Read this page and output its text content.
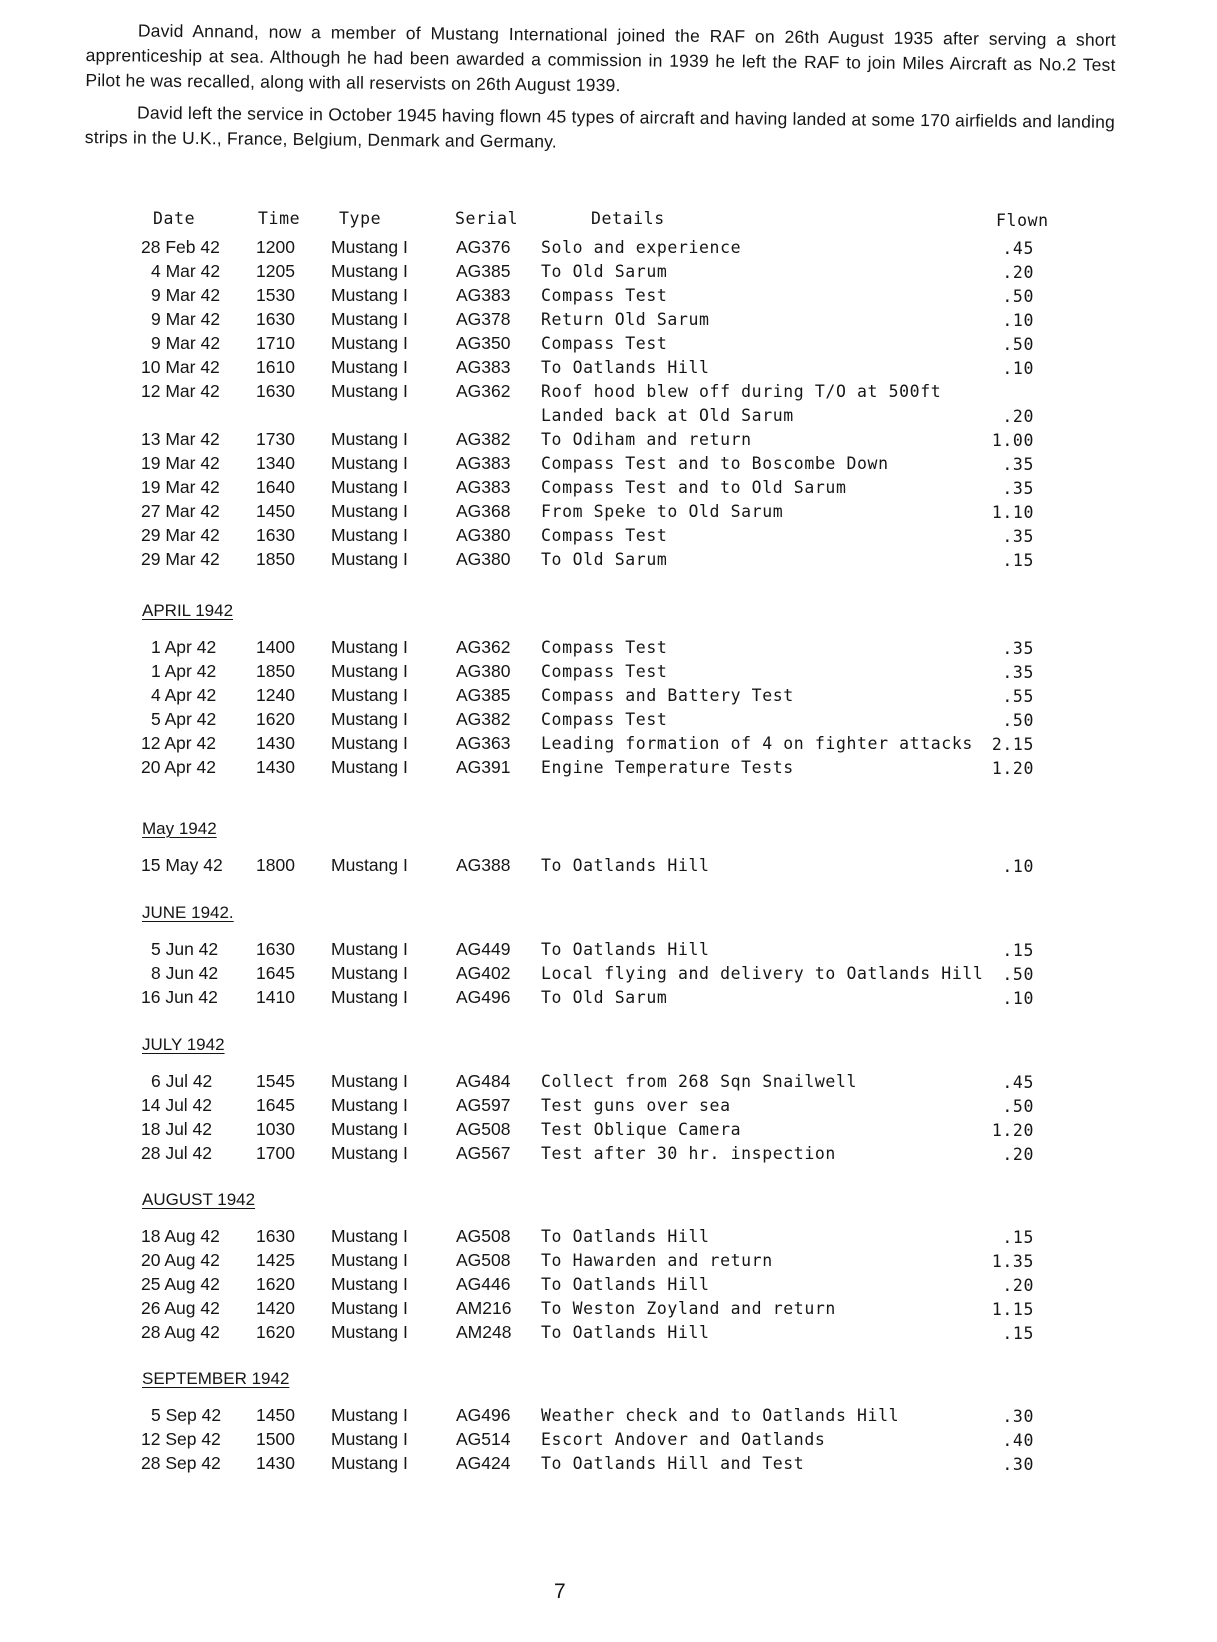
David Annand, now a member of Mustang International joined the RAF on 26th August 1935 after serving a short apprenticeship at sea. Although he had been awarded a commission in 1939 he left the RAF to join Miles Aircraft as No.2 Test Pilot he was recalled, along with all reservists on 26th August 1939.

David left the service in October 1945 having flown 45 types of aircraft and having landed at some 170 airfields and landing strips in the U.K., France, Belgium, Denmark and Germany.

Date	Time Type	Serial	Details	Flown
28 Feb 42 1200 Mustang I	AG376 Solo and experience	.45
4 Mar 42 1205 Mustang I	AG385 To Old Sarum	.20
9 Mar 42 1530 Mustang I	AG383 Compass Test	.50
9 Mar 42 1630 Mustang I	AG378 Return Old Sarum	.10
9 Mar 42 1710 Mustang I	AG350 Compass Test	.50
10 Mar 42 1610 Mustang I	AG383 To Oatlands Hill	.10
12 Mar 42 1630 Mustang I	AG362 Roof hood blew off during T/O at 500ft
Landed back at Old Sarum	.20
13 Mar 42 1730 Mustang I	AG382 To Odiham and return	1.00
19 Mar 42 1340 Mustang I	AG383 Compass Test and to Boscombe Down	.35
19 Mar 42 1640 Mustang I	AG383 Compass Test and to Old Sarum	.35
27 Mar 42 1450 Mustang I	AG368 From Speke to Old Sarum	1.10
29 Mar 42 1630 Mustang I	AG380 Compass Test	.35
29 Mar 42 1850 Mustang I	AG380 To Old Sarum	.15
APRIL 1942
1 Apr 42 1400 Mustang I	AG362 Compass Test	.35
1 Apr 42 1850 Mustang I	AG380 Compass Test	.35
4 Apr 42 1240 Mustang I	AG385 Compass and Battery Test	.55
5 Apr 42 1620 Mustang I	AG382 Compass Test	.50
12 Apr 42 1430 Mustang I	AG363 Leading formation of 4 on fighter attacks	2.15
20 Apr 42 1430 Mustang I	AG391 Engine Temperature Tests	1.20
May 1942
15 May 42 1800 Mustang I	AG388 To Oatlands Hill	.10
JUNE 1942.
5 Jun 42 1630 Mustang I	AG449 To Oatlands Hill	.15
8 Jun 42 1645 Mustang I	AG402 Local flying and delivery to Oatlands Hill	.50
16 Jun 42 1410 Mustang I	AG496 To Old Sarum	.10
JULY 1942
6 Jul 42 1545 Mustang I	AG484 Collect from 268 Sqn Snailwell	.45
14 Jul 42	1645 Mustang I	AG597 Test guns over sea	.50
18 Jul 42	1030 Mustang I	AG508 Test Oblique Camera	1.20
28 Jul 42	1700 Mustang I	AG567 Test after 30 hr. inspection	.20
AUGUST 1942
18 Aug 42 1630 Mustang I	AG508 To Oatlands Hill	.15
20 Aug 42 1425 Mustang I	AG508 To Hawarden and return	1.35
25 Aug 42 1620 Mustang I	AG446 To Oatlands Hill	.20
26 Aug 42 1420 Mustang I	AM216 To Weston Zoyland and return	1.15
28 Aug 42 1620 Mustang I	AM248 To Oatlands Hill	.15
SEPTEMBER 1942
5 Sep 42 1450 Mustang I	AG496 Weather check and to Oatlands Hill	.30
12 Sep 42 1500 Mustang I	AG514 Escort Andover and Oatlands	.40
28 Sep 42 1430 Mustang I	AG424 To Oatlands Hill and Test	.30
7
